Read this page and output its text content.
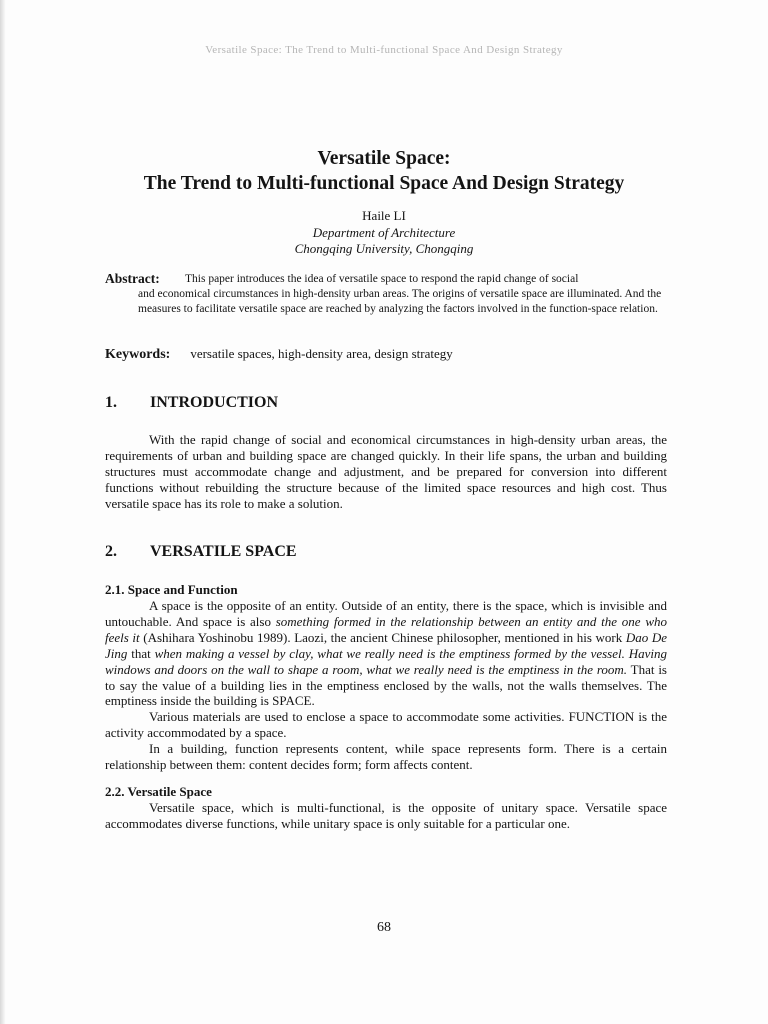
Versatile Space: The Trend to Multi-functional Space And Design Strategy

Versatile Space:

The Trend to Multi-functional Space And Design Strategy

Haile LI
Department of Architecture
Chongqing University, Chongqing
Abstract:	This paper introduces the idea of versatile space to respond the rapid change of social
and economical circumstances in high-density urban areas. The origins of versatile space are illuminated. And the measures to facilitate versatile space are reached by analyzing the factors involved in the function-space relation.
Keywords: versatile spaces, high-density area, design strategy
1. INTRODUCTION

With the rapid change of social and economical circumstances in high-density urban areas, the requirements of urban and building space are changed quickly. In their life spans, the urban and building structures must accommodate change and adjustment, and be prepared for conversion into different functions without rebuilding the structure because of the limited space resources and high cost. Thus versatile space has its role to make a solution.

2. VERSATILE SPACE
2.1. Space and Function

A space is the opposite of an entity. Outside of an entity, there is the space, which is invisible and untouchable. And space is also something formed in the relationship between an entity and the one who feels it (Ashihara Yoshinobu 1989). Laozi, the ancient Chinese philosopher, mentioned in his work Dao De Jing that when making a vessel by clay, what we really need is the emptiness formed by the vessel. Having windows and doors on the wall to shape a room, what we really need is the emptiness in the room. That is to say the value of a building lies in the emptiness enclosed by the walls, not the walls themselves. The emptiness inside the building is SPACE.

Various materials are used to enclose a space to accommodate some activities. FUNCTION is the activity accommodated by a space.

In a building, function represents content, while space represents form. There is a certain relationship between them: content decides form; form affects content.

2.2. Versatile Space

Versatile space, which is multi-functional, is the opposite of unitary space. Versatile space accommodates diverse functions, while unitary space is only suitable for a particular one.

68
